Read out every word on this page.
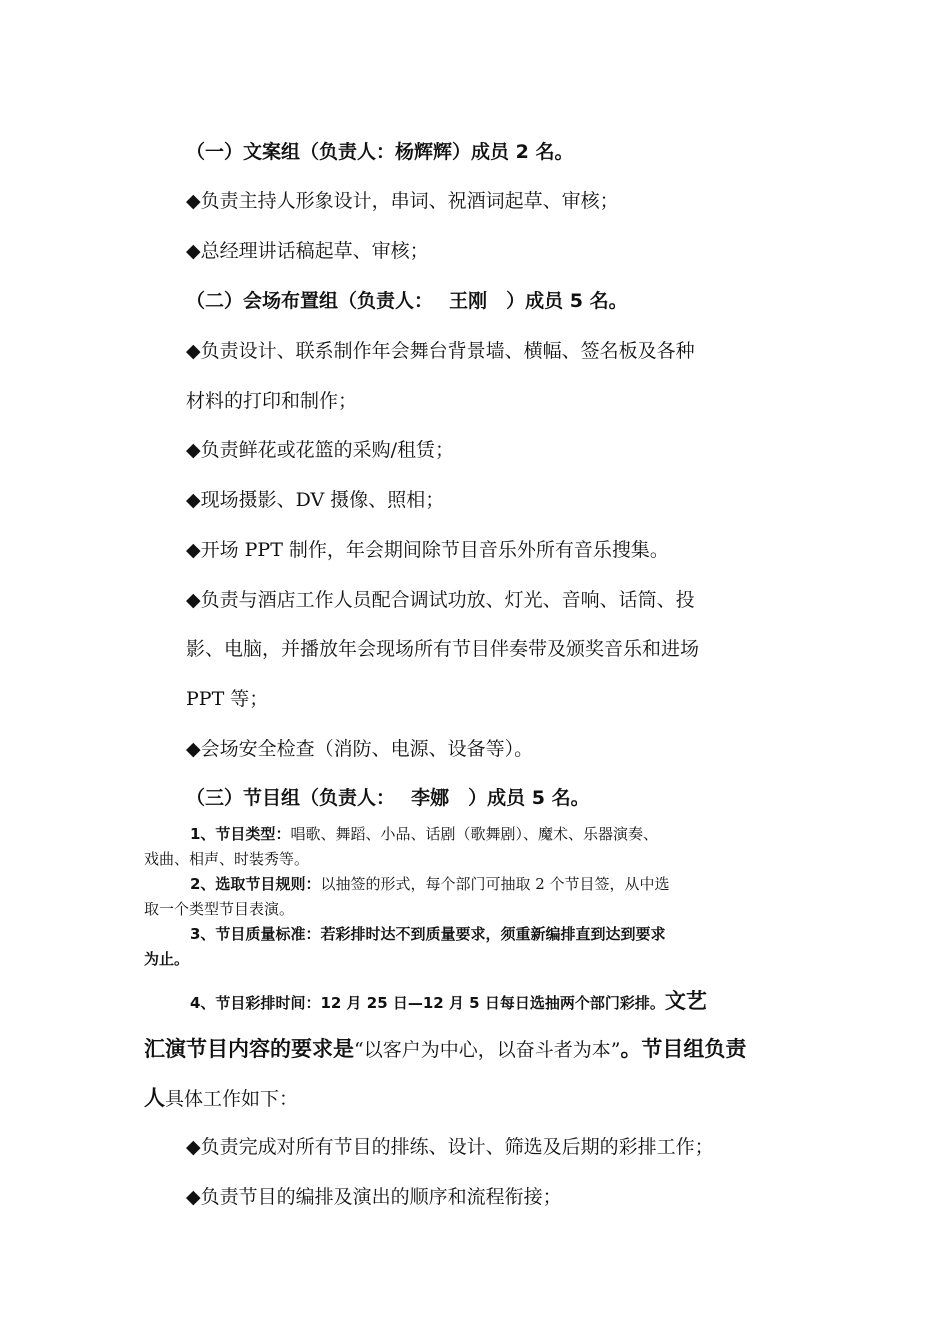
（一）文案组（负责人：杨辉辉）成员 2 名。
◆负责主持人形象设计，串词、祝酒词起草、审核；
◆总经理讲话稿起草、审核；
（二）会场布置组（负责人：　 王刚　）成员 5 名。
◆负责设计、联系制作年会舞台背景墙、横幅、签名板及各种
材料的打印和制作；
◆负责鲜花或花篮的采购/租赁；
◆现场摄影、DV 摄像、照相；
◆开场 PPT 制作，年会期间除节目音乐外所有音乐搜集。
◆负责与酒店工作人员配合调试功放、灯光、音响、话筒、投
影、电脑，并播放年会现场所有节目伴奏带及颁奖音乐和进场
PPT 等；
◆会场安全检查（消防、电源、设备等）。
（三）节目组（负责人：　 李娜　）成员 5 名。
1、节目类型：唱歌、舞蹈、小品、话剧（歌舞剧）、魔术、乐器演奏、
戏曲、相声、时装秀等。
2、选取节目规则：以抽签的形式，每个部门可抽取 2 个节目签，从中选
取一个类型节目表演。
3、节目质量标准：若彩排时达不到质量要求，须重新编排直到达到要求
为止。
4、节目彩排时间：12 月 25 日—12 月 5 日每日选抽两个部门彩排。文艺
汇演节目内容的要求是“以客户为中心，以奋斗者为本”。节目组负责
人具体工作如下：
◆负责完成对所有节目的排练、设计、筛选及后期的彩排工作；
◆负责节目的编排及演出的顺序和流程衔接；
